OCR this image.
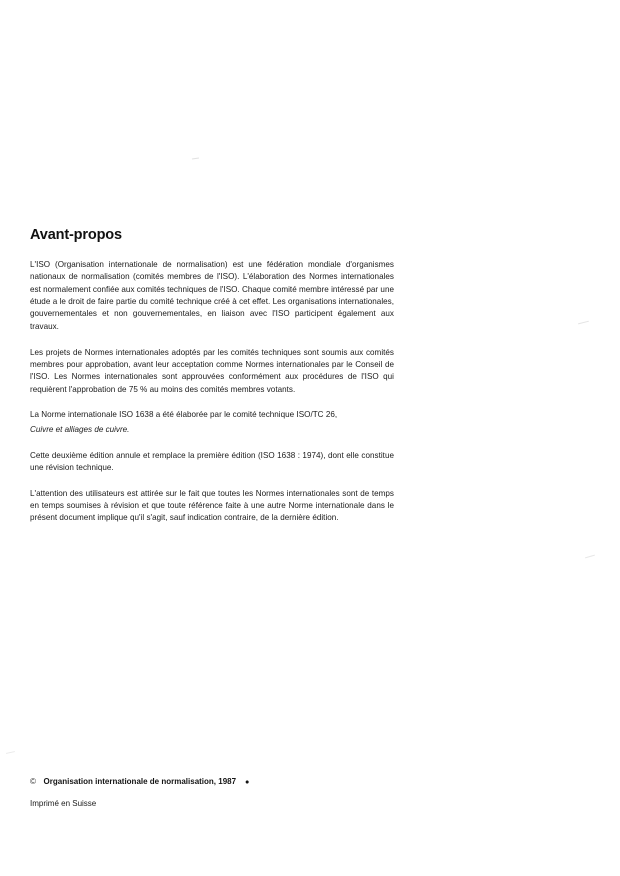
Avant-propos

L'ISO (Organisation internationale de normalisation) est une fédération mondiale d'organismes nationaux de normalisation (comités membres de l'ISO). L'élaboration des Normes internationales est normalement confiée aux comités techniques de l'ISO. Chaque comité membre intéressé par une étude a le droit de faire partie du comité technique créé à cet effet. Les organisations internationales, gouvernementales et non gouvernementales, en liaison avec l'ISO participent également aux travaux.

Les projets de Normes internationales adoptés par les comités techniques sont soumis aux comités membres pour approbation, avant leur acceptation comme Normes internationales par le Conseil de l'ISO. Les Normes internationales sont approuvées conformément aux procédures de l'ISO qui requièrent l'approbation de 75 % au moins des comités membres votants.

La Norme internationale ISO 1638 a été élaborée par le comité technique ISO/TC 26,

Cuivre et alliages de cuivre.

Cette deuxième édition annule et remplace la première édition (ISO 1638 : 1974), dont elle constitue une révision technique.

L'attention des utilisateurs est attirée sur le fait que toutes les Normes internationales sont de temps en temps soumises à révision et que toute référence faite à une autre Norme internationale dans le présent document implique qu'il s'agit, sauf indication contraire, de la dernière édition.

© Organisation internationale de normalisation, 1987 ●
Imprimé en Suisse
